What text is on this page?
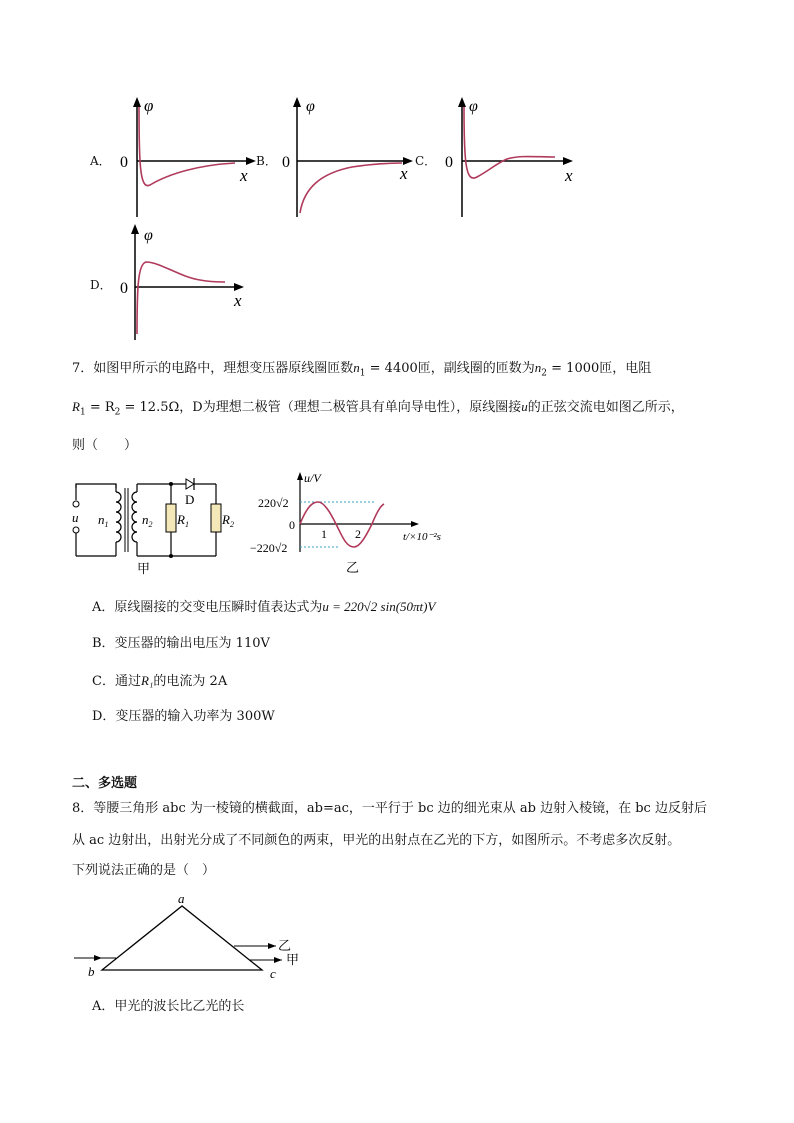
A．
φ
0
x
B．
φ
0
x
C．
φ
0
x
D．
φ
0
x
7．如图甲所示的电路中，理想变压器原线圈匝数$n_1 = 4400$匝，副线圈的匝数为$n_2 = 1000$匝，电阻
$R_1 = R_2 = 12.5\Omega$，D为理想二极管（理想二极管具有单向导电性），原线圈接u的正弦交流电如图乙所示，
则（　　）
u $n_1$	$n_2$
D
$R_1$	$R_2$
甲
u/V
220√2
0
−220√2
1 2	t/×10⁻²s
乙
A．原线圈接的交变电压瞬时值表达式为u = 220√2 sin(50πt)V
B．变压器的输出电压为 110V
C．通过R₁的电流为 2A
D．变压器的输入功率为 300W
二、多选题
8．等腰三角形 abc 为一棱镜的横截面，ab=ac，一平行于 bc 边的细光束从 ab 边射入棱镜，在 bc 边反射后
从 ac 边射出，出射光分成了不同颜色的两束，甲光的出射点在乙光的下方，如图所示。不考虑多次反射。
下列说法正确的是（　）
a
b	c
乙
甲
A．甲光的波长比乙光的长
